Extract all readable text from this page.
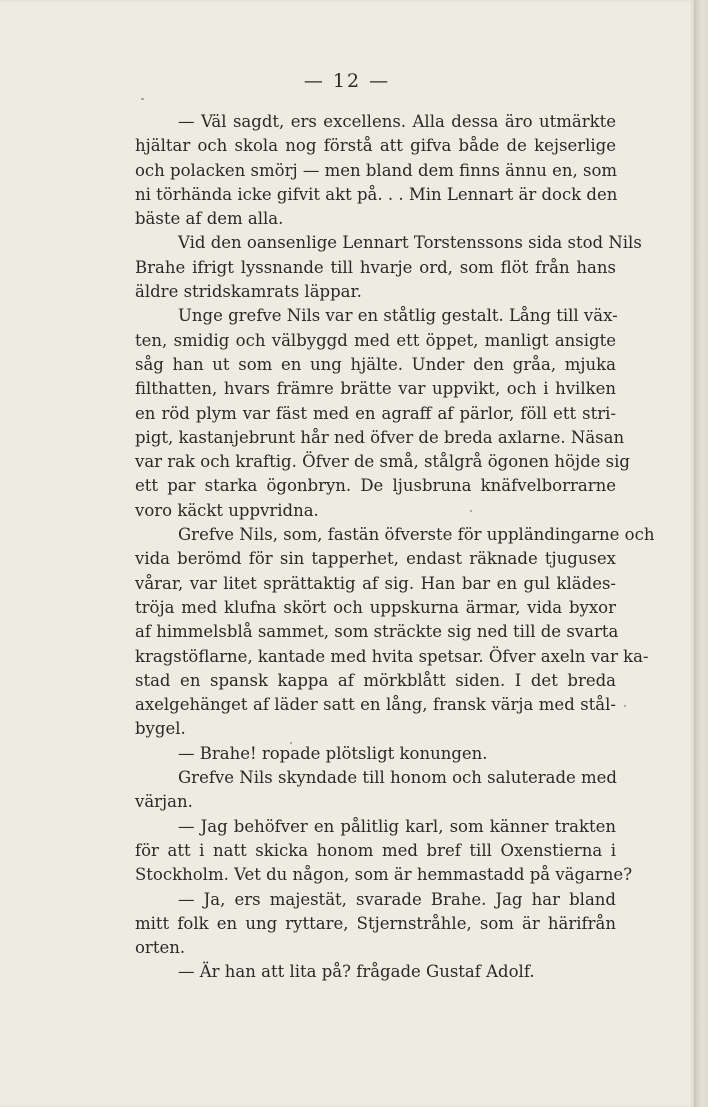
— 12 —
— Väl sagdt, ers excellens. Alla dessa äro utmärkte
hjältar och skola nog förstå att gifva både de kejserlige
och polacken smörj — men bland dem finns ännu en, som
ni törhända icke gifvit akt på. . . Min Lennart är dock den
bäste af dem alla.
Vid den oansenlige Lennart Torstenssons sida stod Nils
Brahe ifrigt lyssnande till hvarje ord, som flöt från hans
äldre stridskamrats läppar.
Unge grefve Nils var en ståtlig gestalt. Lång till väx-
ten, smidig och välbyggd med ett öppet, manligt ansigte
såg han ut som en ung hjälte. Under den gråa, mjuka
filthatten, hvars främre brätte var uppvikt, och i hvilken
en röd plym var fäst med en agraff af pärlor, föll ett stri-
pigt, kastanjebrunt hår ned öfver de breda axlarne. Näsan
var rak och kraftig. Öfver de små, stålgrå ögonen höjde sig
ett par starka ögonbryn. De ljusbruna knäfvelborrarne
voro käckt uppvridna.
Grefve Nils, som, fastän öfverste för uppländingarne och
vida berömd för sin tapperhet, endast räknade tjugusex
vårar, var litet sprättaktig af sig. Han bar en gul klädes-
tröja med klufna skört och uppskurna ärmar, vida byxor
af himmelsblå sammet, som sträckte sig ned till de svarta
kragstöflarne, kantade med hvita spetsar. Öfver axeln var ka-
stad en spansk kappa af mörkblått siden. I det breda
axelgehänget af läder satt en lång, fransk värja med stål-
bygel.
— Brahe! ropade plötsligt konungen.
Grefve Nils skyndade till honom och saluterade med
värjan.
— Jag behöfver en pålitlig karl, som känner trakten
för att i natt skicka honom med bref till Oxenstierna i
Stockholm. Vet du någon, som är hemmastadd på vägarne?
— Ja, ers majestät, svarade Brahe. Jag har bland
mitt folk en ung ryttare, Stjernstråhle, som är härifrån
orten.
— Är han att lita på? frågade Gustaf Adolf.
